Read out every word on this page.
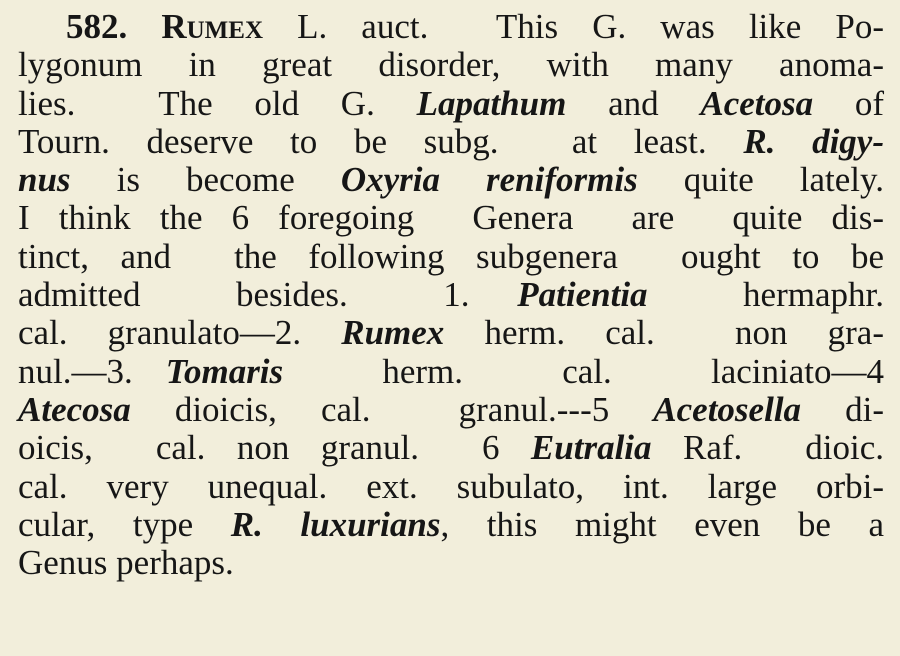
582. Rumex L. auct.  This G. was like Po-
lygonum in great disorder, with many anoma-
lies.  The old G. Lapathum and Acetosa of
Tourn. deserve to be subg.  at least. R. digy-
nus is become Oxyria reniformis quite lately.
I think the 6 foregoing  Genera  are  quite dis-
tinct, and  the following subgenera  ought to be
admitted  besides.  1. Patientia  hermaphr.
cal. granulato—2. Rumex herm. cal.  non gra-
nul.—3. Tomaris   herm.   cal.   laciniato—4
Atecosa dioicis, cal.  granul.---5 Acetosella di-
oicis,  cal. non granul.  6 Eutralia Raf.  dioic.
cal. very unequal. ext. subulato, int. large orbi-
cular, type R. luxurians, this might even be a
Genus perhaps.
